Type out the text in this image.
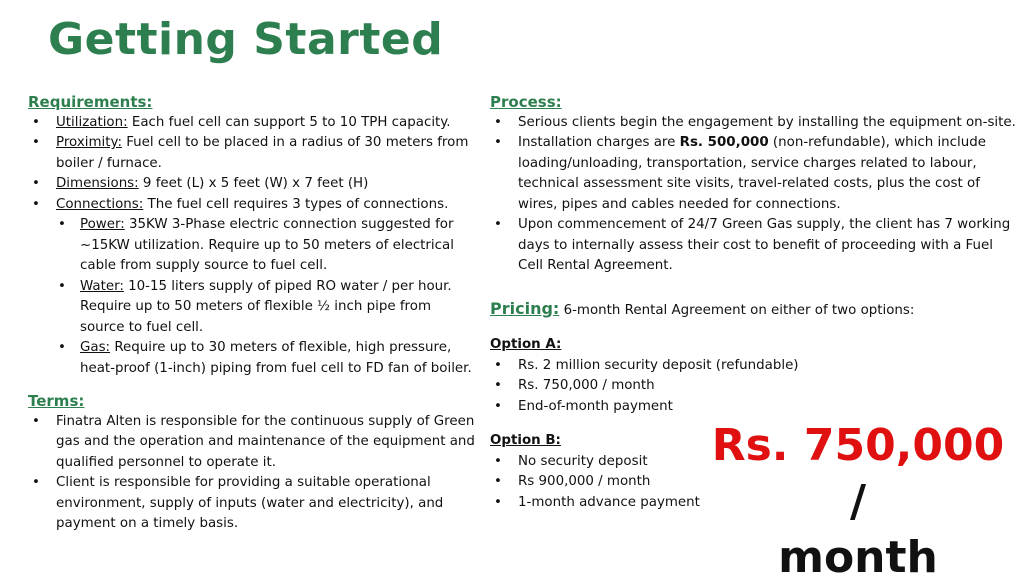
Getting Started
Requirements:
• Utilization: Each fuel cell can support 5 to 10 TPH capacity.
• Proximity: Fuel cell to be placed in a radius of 30 meters from boiler / furnace.
• Dimensions: 9 feet (L) x 5 feet (W) x 7 feet (H)
• Connections: The fuel cell requires 3 types of connections.
• Power: 35KW 3-Phase electric connection suggested for ~15KW utilization. Require up to 50 meters of electrical cable from supply source to fuel cell.
• Water: 10-15 liters supply of piped RO water / per hour. Require up to 50 meters of flexible ½ inch pipe from source to fuel cell.
• Gas: Require up to 30 meters of flexible, high pressure, heat-proof (1-inch) piping from fuel cell to FD fan of boiler.
Terms:
• Finatra Alten is responsible for the continuous supply of Green gas and the operation and maintenance of the equipment and qualified personnel to operate it.
• Client is responsible for providing a suitable operational environment, supply of inputs (water and electricity), and payment on a timely basis.
Process:
• Serious clients begin the engagement by installing the equipment on-site.
• Installation charges are Rs. 500,000 (non-refundable), which include loading/unloading, transportation, service charges related to labour, technical assessment site visits, travel-related costs, plus the cost of wires, pipes and cables needed for connections.
• Upon commencement of 24/7 Green Gas supply, the client has 7 working days to internally assess their cost to benefit of proceeding with a Fuel Cell Rental Agreement.
Pricing: 6-month Rental Agreement on either of two options:
Option A:
• Rs. 2 million security deposit (refundable)
• Rs. 750,000 / month
• End-of-month payment
Option B:
• No security deposit
• Rs 900,000 / month
• 1-month advance payment
Rs. 750,000 /
month
